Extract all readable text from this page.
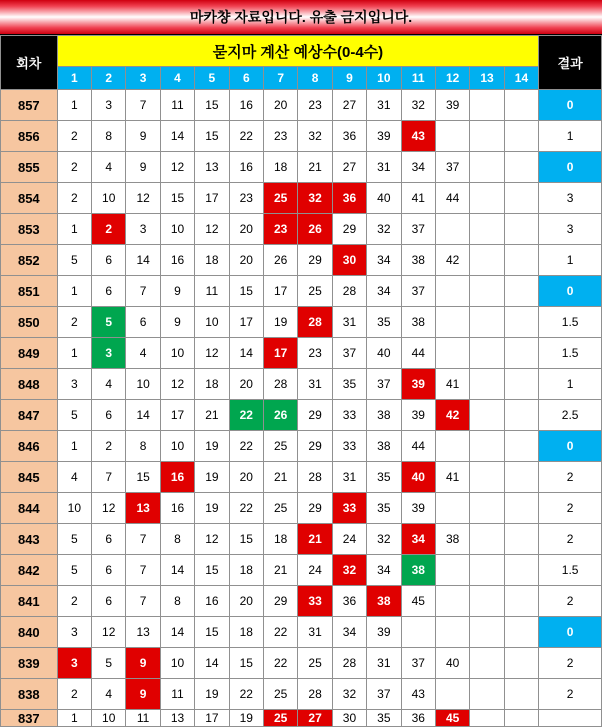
마카챵 자료입니다. 유출 금지입니다.
회차	묻지마 계산 예상수(0-4수)														결과
	1	2	3	4	5	6	7	8	9	10	11	12	13	14	
857	1	3	7	11	15	16	20	23	27	31	32	39			0
856	2	8	9	14	15	22	23	32	36	39	43				1
855	2	4	9	12	13	16	18	21	27	31	34	37			0
854	2	10	12	15	17	23	25	32	36	40	41	44			3
853	1	2	3	10	12	20	23	26	29	32	37				3
852	5	6	14	16	18	20	26	29	30	34	38	42			1
851	1	6	7	9	11	15	17	25	28	34	37				0
850	2	5	6	9	10	17	19	28	31	35	38				1.5
849	1	3	4	10	12	14	17	23	37	40	44				1.5
848	3	4	10	12	18	20	28	31	35	37	39	41			1
847	5	6	14	17	21	22	26	29	33	38	39	42			2.5
846	1	2	8	10	19	22	25	29	33	38	44				0
845	4	7	15	16	19	20	21	28	31	35	40	41			2
844	10	12	13	16	19	22	25	29	33	35	39				2
843	5	6	7	8	12	15	18	21	24	32	34	38			2
842	5	6	7	14	15	18	21	24	32	34	38				1.5
841	2	6	7	8	16	20	29	33	36	38	45				2
840	3	12	13	14	15	18	22	31	34	39					0
839	3	5	9	10	14	15	22	25	28	31	37	40			2
838	2	4	9	11	19	22	25	28	32	37	43				2
837	1	10	11	13	17	19	25	27	30	35	36	45			
